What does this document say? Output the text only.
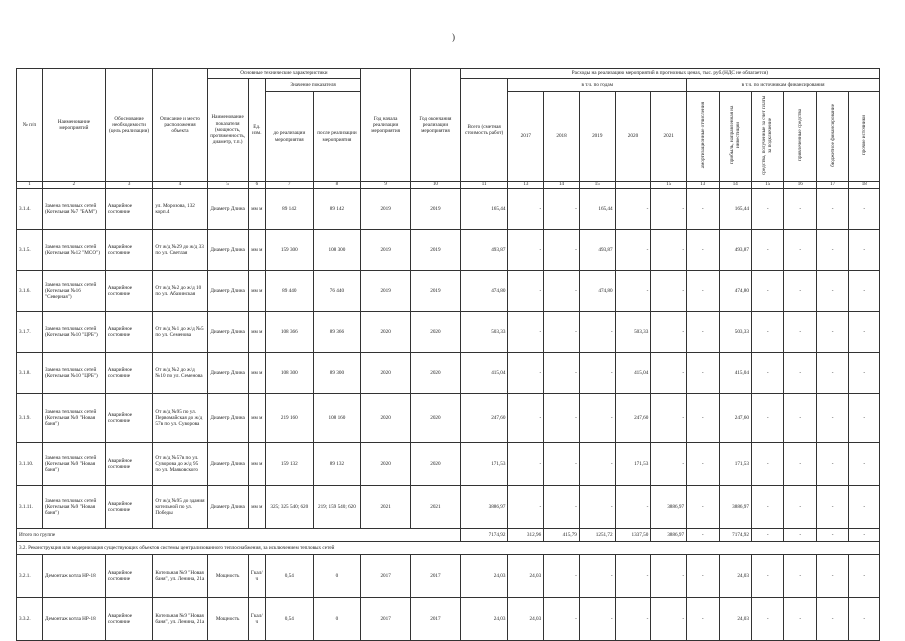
)
№ п/п	Наименование мероприятий	Обоснование необходимости (цель реализации)	Описание и место расположения объекта	Основные технические характеристики				Год начала реализации мероприятия	Год окончания реализации мероприятия	Расходы на реализацию мероприятий в прогнозных ценах, тыс. руб.(НДС не облагается)											
				Наименование показателя (мощность, протяженность, диаметр, т.п.)	Ед. изм.	Значение показателя				Всего (сметная стоимость работ)	в т.ч. по годам					в т.ч. по источникам финансирования					
						до реализации мероприятия	после реализации мероприятия				2017	2018	2019	2020	2021	амортизационные отчисления	прибыль, направленная на инвестиции	средства, полученные за счет платы за подключение	привлеченные средства	бюджетное финансирование	прочие источники
1	2	3	4	5	6	7	8	9	10	11	13	14	15		15	13	14	15	16	17	18
3.1.4.	Замена тепловых сетей (Котельная №7 "БАМ")	Аварийное состояние	ул. Морозова, 132 корп.4	Диаметр Длина	мм м	89 142	89 142	2019	2019	165,44	-	-	165,44	-	-	-	165,44	-	-	-	-
3.1.5.	Замена тепловых сетей (Котельная №12 "МСО")	Аварийное состояние	От ж/д №29 до ж/д 33 по ул. Светлая	Диаметр Длина	мм м	159 300	108 300	2019	2019	493,87	-	-	493,87	-	-	-	493,87	-	-	-	-
3.1.6.	Замена тепловых сетей (Котельная №16 "Северная")	Аварийное состояние	От ж/д №2 до ж/д 10 по ул. Абазинская	Диаметр Длина	мм м	89 440	76 440	2019	2019	474,80	-	-	474,80	-	-	-	474,80	-	-	-	-
3.1.7.	Замена тепловых сетей (Котельная №10 "ЦРБ")	Аварийное состояние	От ж/д №1 до ж/д №5 по ул. Семенова	Диаметр Длина	мм м	108 366	89 366	2020	2020	503,33	-	-	-	503,33	-	-	503,33	-	-	-	-
3.1.8.	Замена тепловых сетей (Котельная №10 "ЦРБ")	Аварийное состояние	От ж/д №2 до ж/д №10 по ул. Семенова	Диаметр Длина	мм м	108 300	89 300	2020	2020	415,04	-	-	-	415,04	-	-	415,04	-	-	-	-
3.1.9.	Замена тепловых сетей (Котельная №9 "Новая баня")	Аварийное состояние	От ж/д №95 по ул. Первомайская до ж/д 57в по ул. Суворова	Диаметр Длина	мм м	219 160	108 160	2020	2020	247,60	-	-	-	247,60	-	-	247,60	-	-	-	-
3.1.10.	Замена тепловых сетей (Котельная №9 "Новая баня")	Аварийное состояние	От ж/д №57в по ул. Суворова до ж/д 95 по ул. Маяковского	Диаметр Длина	мм м	159 132	89 132	2020	2020	171,53	-	-	-	171,53	-	-	171,53	-	-	-	-
3.1.11.	Замена тепловых сетей (Котельная №9 "Новая баня")	Аварийное состояние	От ж/д №95 до здания котельной по ул. Победы	Диаметр Длина	мм м	325; 325 540; 620	219; 159 540; 620	2021	2021	3886,97	-	-	-	-	3886,97	-	3886,97	-	-	-	-
Итого по группе										7174,92	312,96	415,79	1251,72	1337,50	3886,97	-	7174,92	-	-	-	-
3.2. Реконструкция или модернизация существующих объектов системы централизованного теплоснабжения, за исключением тепловых сетей																					
3.2.1.	Демонтаж котла НР-18	Аварийное состояние	Котельная №9 "Новая баня", ул. Ленина, 21а	Мощность	Гкал/ч	0,54	0	2017	2017	24,03	24,03	-	-	-	-	-	24,03	-	-	-	-
3.3.2.	Демонтаж котла НР-18	Аварийное состояние	Котельная №9 "Новая баня", ул. Ленина, 21а	Мощность	Гкал/ч	0,54	0	2017	2017	24,03	24,03	-	-	-	-	-	24,03	-	-	-	-
